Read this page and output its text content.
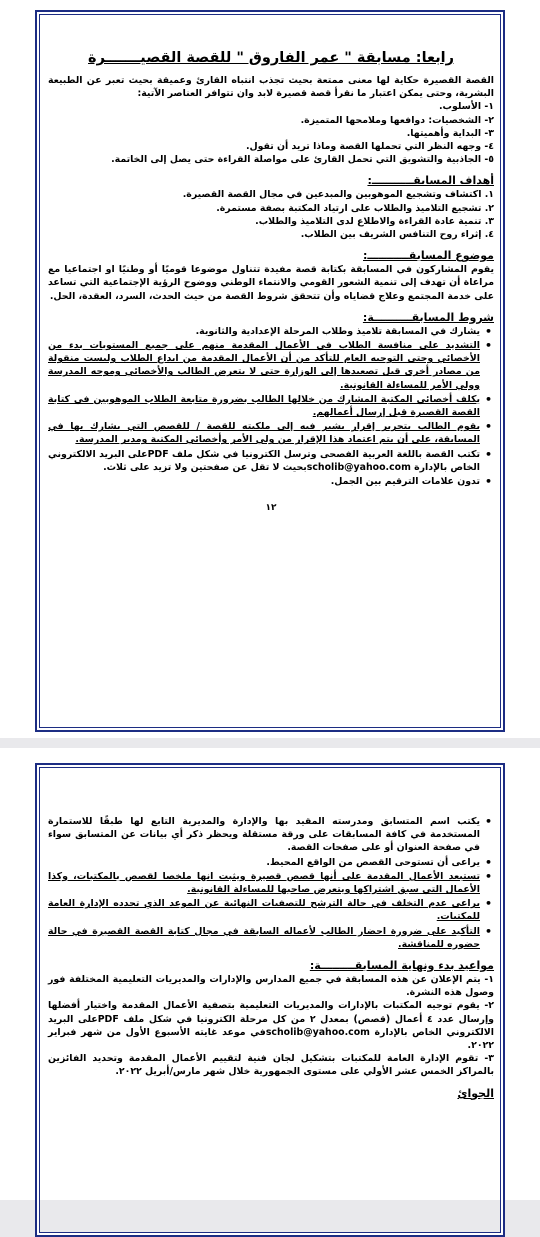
رابعا: مسابقة " عمر الفاروق " للقصة القصيـــــــرة

القصة القصيرة حكاية لها معنى ممتعة بحيث تجذب انتباه القارئ وعميقة بحيث تعبر عن الطبيعة البشرية، وحتى يمكن اعتبار ما نقرأ قصة قصيرة لابد وان تتوافر العناصر الآتية:

١- الأسلوب.

٢- الشخصيات: دوافعها وملامحها المتميزة.

٣- البداية وأهميتها.

٤- وجهه النظر التي تحملها القصة وماذا تريد أن تقول.

٥- الجاذبية والتشويق التي تحمل القارئ على مواصلة القراءة حتى يصل إلى الخاتمة.

أهداف المسابقـــــــــــ:

١. اكتشاف وتشجيع الموهوبين والمبدعين في مجال القصة القصيرة.

٢. تشجيع التلاميذ والطلاب على ارتياد المكتبة بصفة مستمرة.

٣. تنمية عادة القراءة والاطلاع لدى التلاميذ والطلاب.

٤. إثراء روح التنافس الشريف بين الطلاب.

موضوع المسابقـــــــــــ:

يقوم المشاركون في المسابقة بكتابة قصة مفيدة تتناول موضوعا قوميًا أو وطنيًا او اجتماعيا مع مراعاة أن تهدف إلى تنمية الشعور القومي والانتماء الوطني ووضوح الرؤية الإجتماعية التي تساعد على خدمة المجتمع وعلاج قضاياه وأن تتحقق شروط القصة من حيث الحدث، السرد، العقدة، الحل.

شروط المسابقــــــــــة:
• يشارك في المسابقة تلاميذ وطلاب المرحلة الإعدادية والثانوية.
• التشديد على منافسة الطلاب في الأعمال المقدمة منهم على جميع المستويات بدء من الأخصائي وحتى التوجيه العام للتأكد من أن الأعمال المقدمة من ابداع الطلاب وليست منقولة من مصادر أخرى قبل تصعيدها إلى الوزارة حتى لا يتعرض الطالب والأخصائي وموجه المدرسة وولي الأمر للمساءلة القانونية.
• يكلف أخصائي المكتبة المشارك من خلالها الطالب بضرورة متابعة الطلاب الموهوبين في كتابة القصة القصيرة قبل إرسال أعمالهم.
• يقوم الطالب بتحرير إقرار يشير فيه إلى ملكيته للقصة / للقصص التي يشارك بها في المسابقة، على أن يتم اعتماد هذا الإقرار من ولي الأمر وأخصائي المكتبة ومدير المدرسة.
• تكتب القصة باللغة العربية الفصحى وترسل الكترونيا في شكل ملف PDFعلى البريد الالكتروني الخاص بالإدارة scholib@yahoo.comبحيث لا تقل عن صفحتين ولا تزيد على ثلاث.
• تدون علامات الترقيم بين الجمل.
١٢
• يكتب اسم المتسابق ومدرسته المقيد بها والإدارة والمديرية التابع لها طبقًا للاستمارة المستخدمة في كافة المسابقات على ورقة مستقلة ويحظر ذكر أي بيانات عن المتسابق سواء في صفحة العنوان أو على صفحات القصة.
• يراعى أن تستوحى القصص من الواقع المحيط.
• تستبعد الأعمال المقدمة على أنها قصص قصيرة ويثبت انها ملخصا لقصص بالمكتبات، وكذا الأعمال التي سبق اشتراكها ويتعرض صاحبها للمساءلة القانونية.
• يراعى عدم التخلف في حالة الترشح للتصفيات النهائية عن الموعد الذي تحدده الإدارة العامة للمكتبات.
• التأكيد على ضرورة احضار الطالب لأعماله السابقة في مجال كتابة القصة القصيرة في حالة حضوره للمناقشة.
مواعيد بدء ونهاية المسابقـــــــــة:

١- يتم الإعلان عن هذه المسابقة في جميع المدارس والإدارات والمديريات التعليمية المختلفة فور وصول هذه النشرة.

٢- يقوم توجيه المكتبات بالإدارات والمديريات التعليمية بتصفية الأعمال المقدمة واختيار أفضلها وإرسال عدد ٤ أعمال (قصص) بمعدل ٢ من كل مرحلة الكترونيا في شكل ملف PDFعلى البريد الالكتروني الخاص بالإدارة scholib@yahoo.comفي موعد غايته الأسبوع الأول من شهر فبراير ٢٠٢٢.

٣- تقوم الإدارة العامة للمكتبات بتشكيل لجان فنية لتقييم الأعمال المقدمة وتحديد الفائزين بالمراكز الخمس عشر الأولي على مستوى الجمهورية خلال شهر مارس/أبريل ٢٠٢٢.

الجوائ
